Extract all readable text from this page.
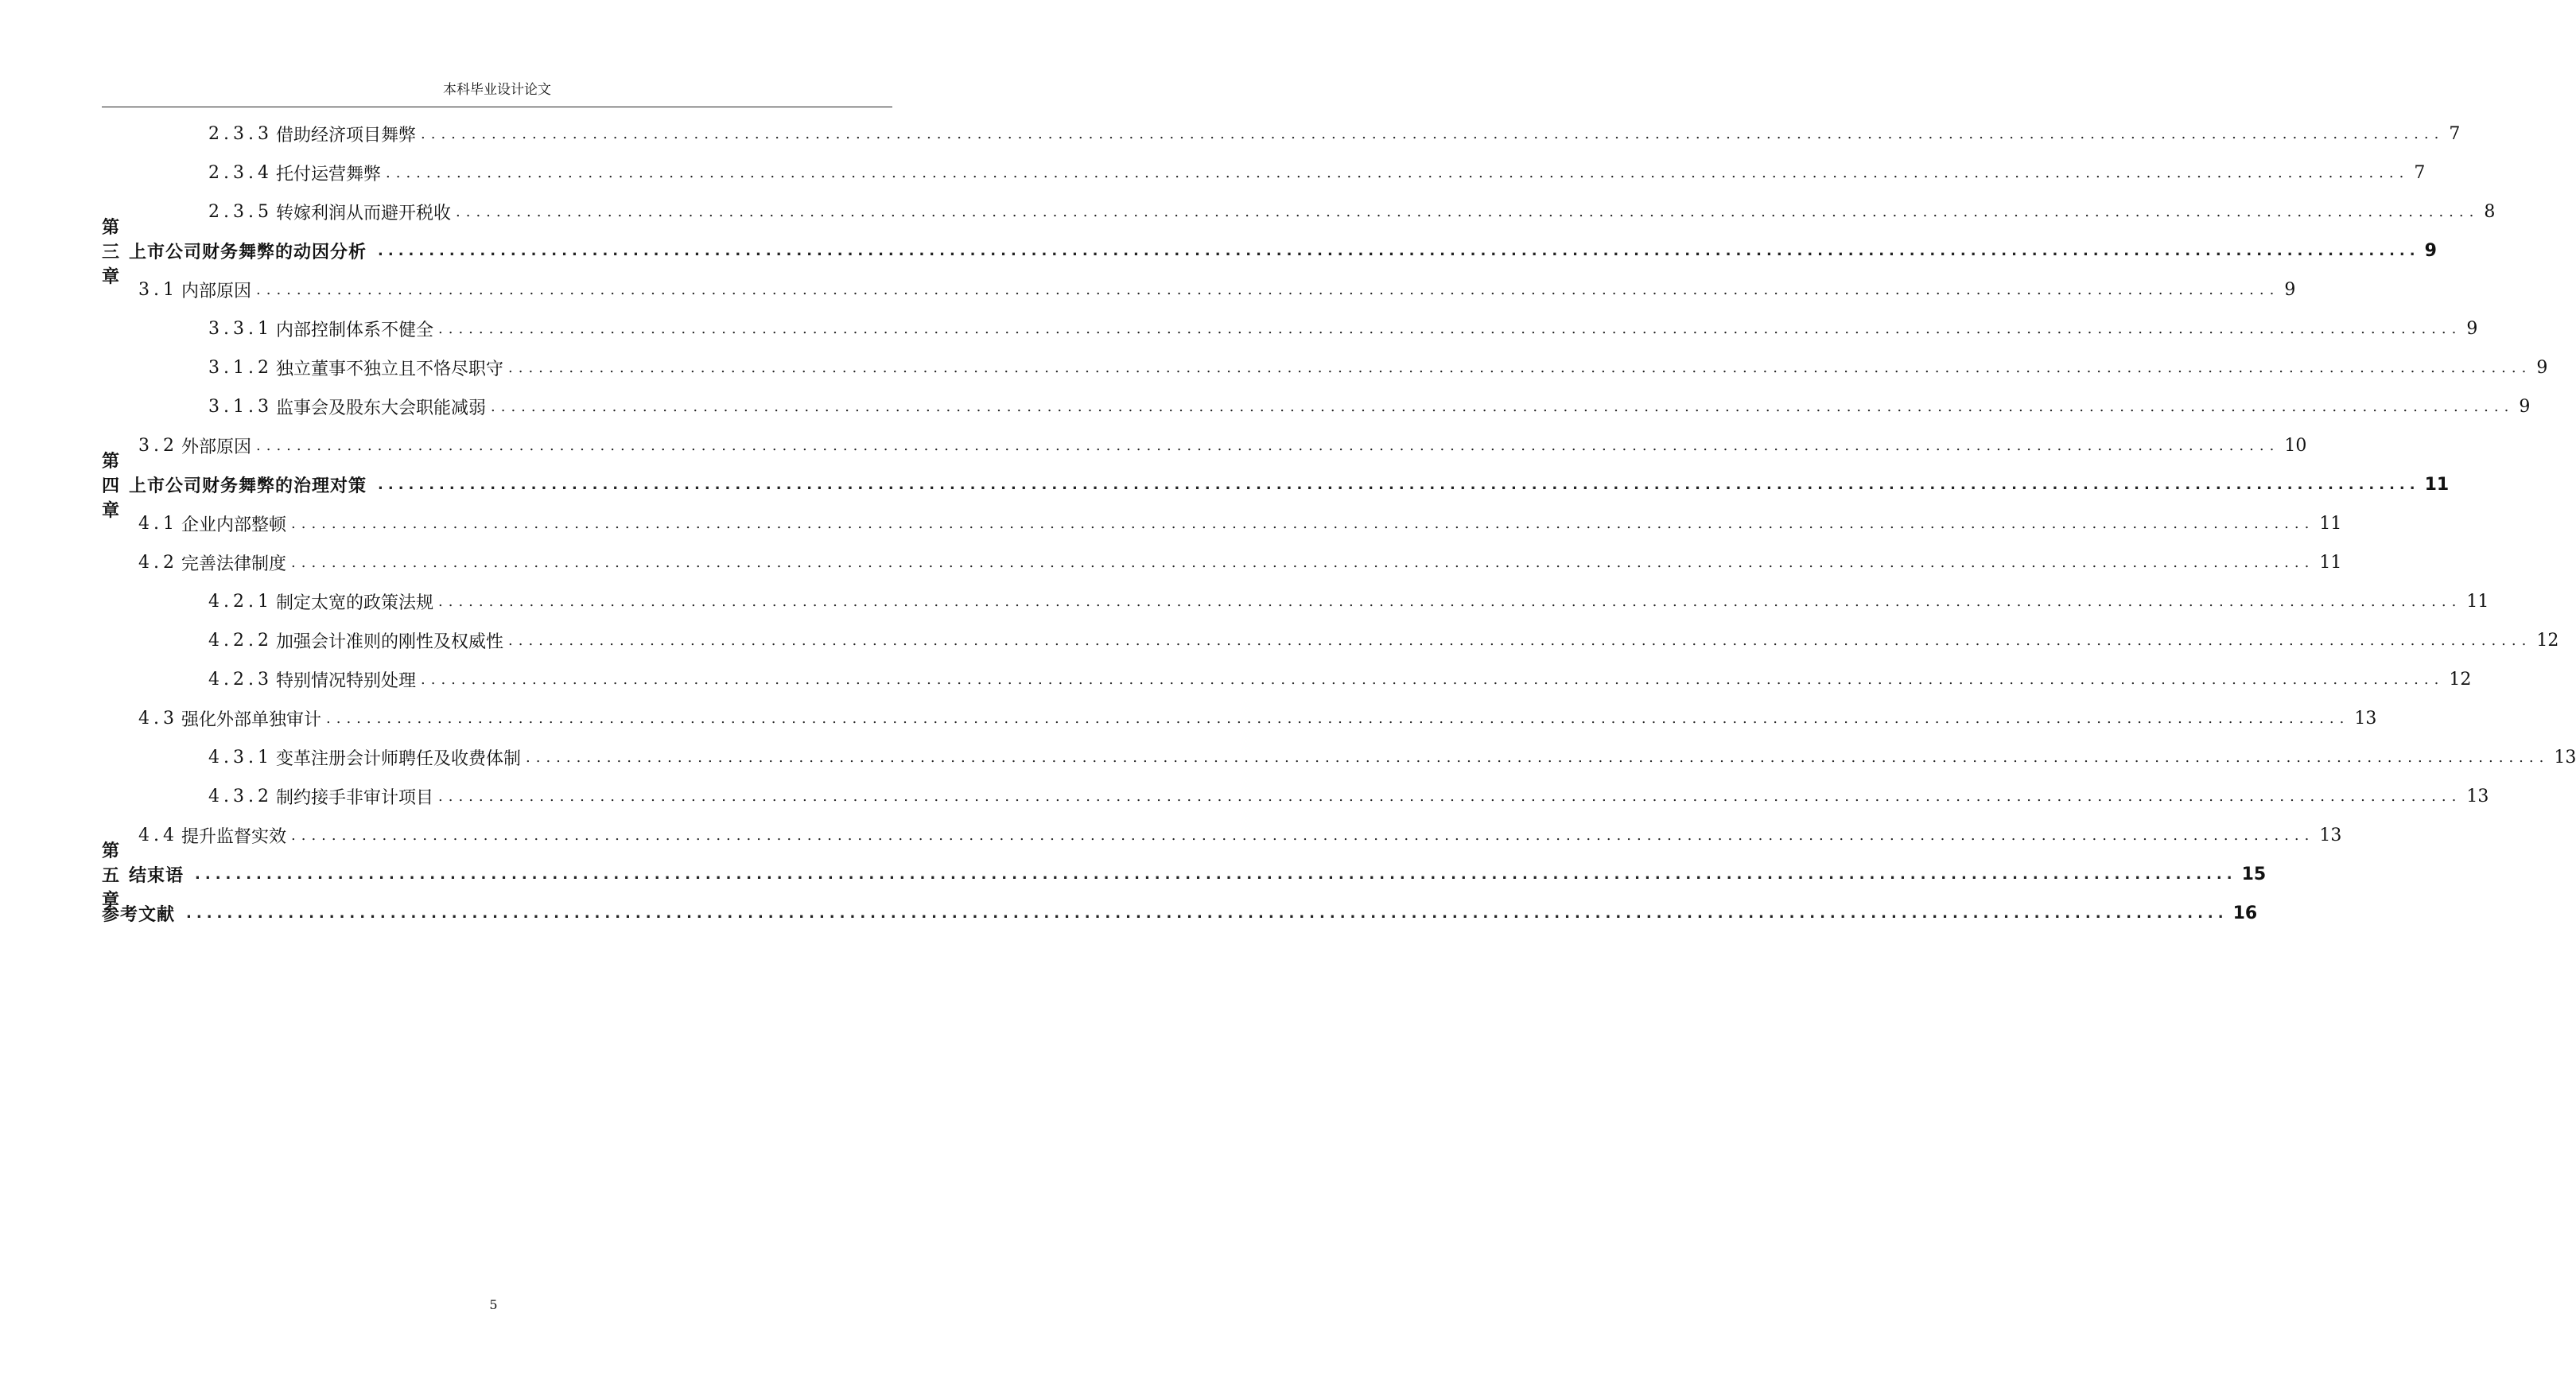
本科毕业设计论文
2.3.3 借助经济项目舞弊 ........................................................................................................................................................................................................ 7
2.3.4 托付运营舞弊 ........................................................................................................................................................................................................ 7
2.3.5 转嫁利润从而避开税收 ........................................................................................................................................................................................................ 8
第三章
上市公司财务舞弊的动因分析 ........................................................................................................................................................................................................ 9
3.1 内部原因 ........................................................................................................................................................................................................ 9
3.3.1 内部控制体系不健全 ........................................................................................................................................................................................................ 9
3.1.2 独立董事不独立且不恪尽职守 ........................................................................................................................................................................................................ 9
3.1.3 监事会及股东大会职能减弱 ........................................................................................................................................................................................................ 9
3.2 外部原因 ........................................................................................................................................................................................................ 10
第四章
上市公司财务舞弊的治理对策 ........................................................................................................................................................................................................ 11
4.1 企业内部整顿 ........................................................................................................................................................................................................ 11
4.2 完善法律制度 ........................................................................................................................................................................................................ 11
4.2.1 制定太宽的政策法规 ........................................................................................................................................................................................................ 11
4.2.2 加强会计准则的刚性及权威性 ........................................................................................................................................................................................................ 12
4.2.3 特别情况特别处理 ........................................................................................................................................................................................................ 12
4.3 强化外部单独审计 ........................................................................................................................................................................................................ 13
4.3.1 变革注册会计师聘任及收费体制 ........................................................................................................................................................................................................ 13
4.3.2 制约接手非审计项目 ........................................................................................................................................................................................................ 13
4.4 提升监督实效 ........................................................................................................................................................................................................ 13
第五章
结束语 ........................................................................................................................................................................................................ 15
参考文献 ........................................................................................................................................................................................................ 16
5
